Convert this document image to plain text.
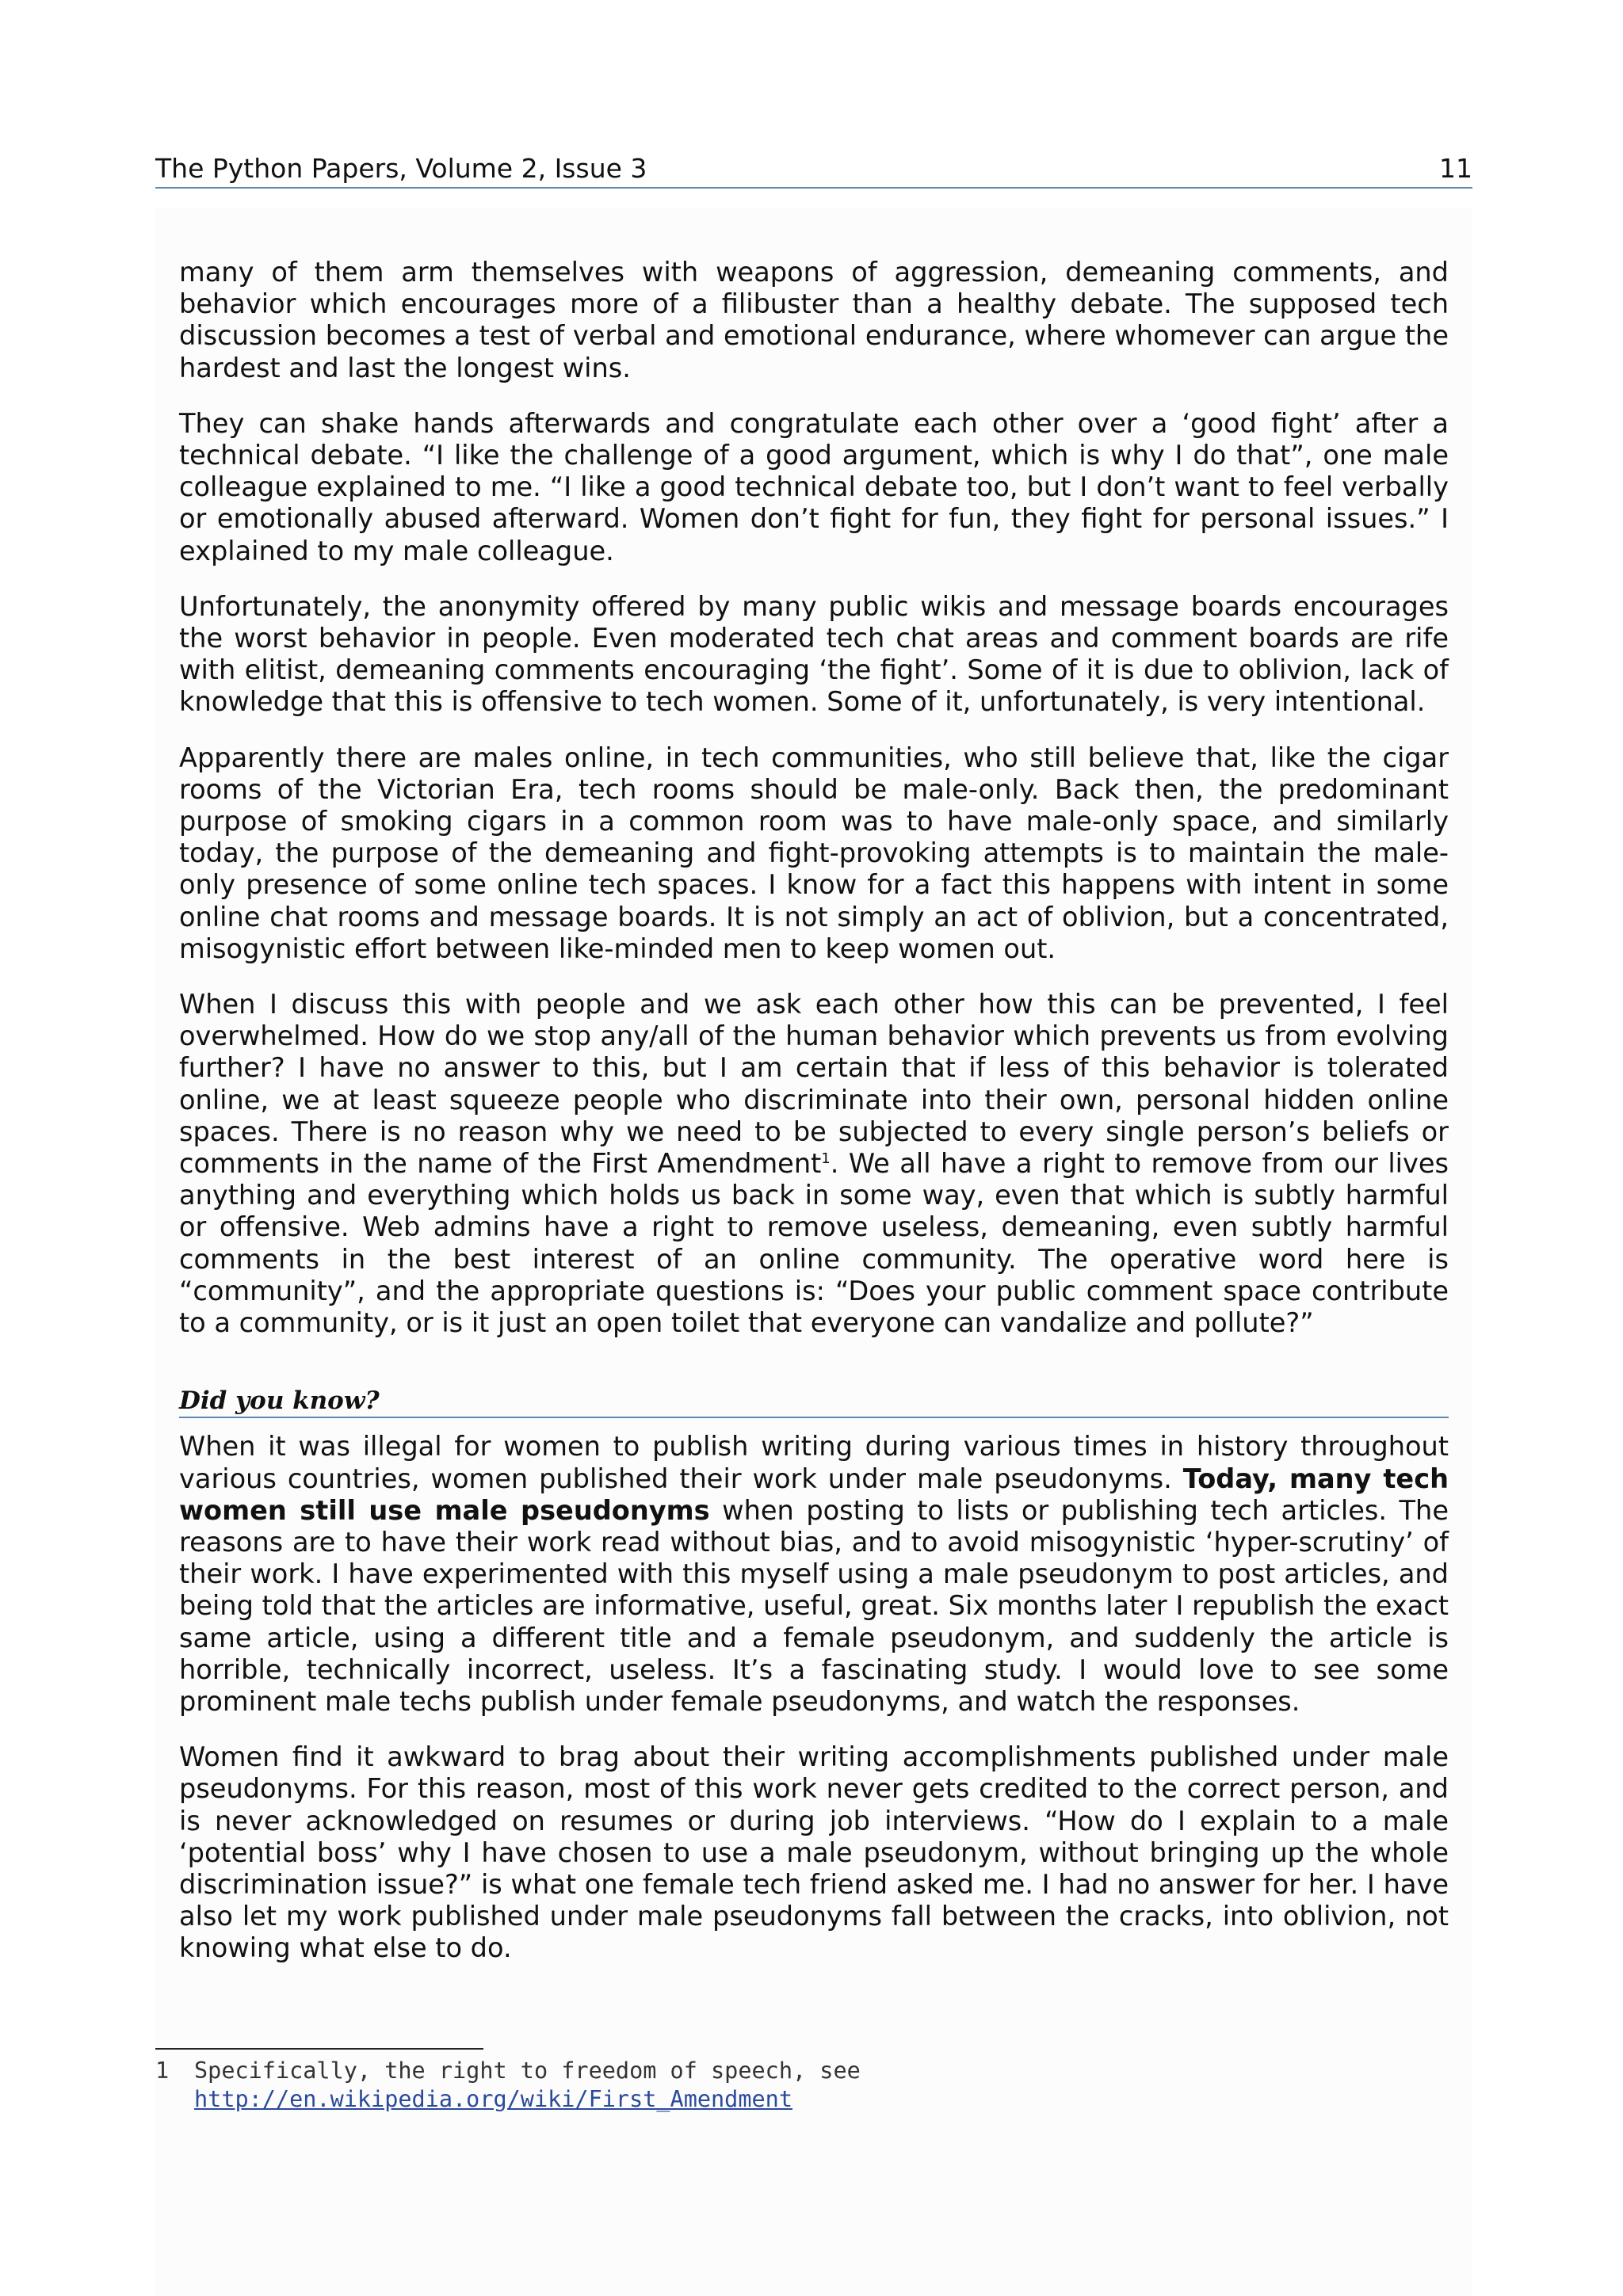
The Python Papers, Volume 2, Issue 3	11

many of them arm themselves with weapons of aggression, demeaning comments, and behavior which encourages more of a filibuster than a healthy debate. The supposed tech discussion becomes a test of verbal and emotional endurance, where whomever can argue the hardest and last the longest wins.

They can shake hands afterwards and congratulate each other over a ‘good fight’ after a technical debate. “I like the challenge of a good argument, which is why I do that”, one male colleague explained to me. “I like a good technical debate too, but I don’t want to feel verbally or emotionally abused afterward. Women don’t fight for fun, they fight for personal issues.” I explained to my male colleague.

Unfortunately, the anonymity offered by many public wikis and message boards encourages the worst behavior in people. Even moderated tech chat areas and comment boards are rife with elitist, demeaning comments encouraging ‘the fight’. Some of it is due to oblivion, lack of knowledge that this is offensive to tech women. Some of it, unfortunately, is very intentional.

Apparently there are males online, in tech communities, who still believe that, like the cigar rooms of the Victorian Era, tech rooms should be male-only. Back then, the predominant purpose of smoking cigars in a common room was to have male-only space, and similarly today, the purpose of the demeaning and fight-provoking attempts is to maintain the male-only presence of some online tech spaces. I know for a fact this happens with intent in some online chat rooms and message boards. It is not simply an act of oblivion, but a concentrated, misogynistic effort between like-minded men to keep women out.

When I discuss this with people and we ask each other how this can be prevented, I feel overwhelmed. How do we stop any/all of the human behavior which prevents us from evolving further? I have no answer to this, but I am certain that if less of this behavior is tolerated online, we at least squeeze people who discriminate into their own, personal hidden online spaces. There is no reason why we need to be subjected to every single person’s beliefs or comments in the name of the First Amendment$^1$. We all have a right to remove from our lives anything and everything which holds us back in some way, even that which is subtly harmful or offensive. Web admins have a right to remove useless, demeaning, even subtly harmful comments in the best interest of an online community. The operative word here is “community”, and the appropriate questions is: “Does your public comment space contribute to a community, or is it just an open toilet that everyone can vandalize and pollute?”

Did you know?

When it was illegal for women to publish writing during various times in history throughout various countries, women published their work under male pseudonyms. Today, many tech women still use male pseudonyms when posting to lists or publishing tech articles. The reasons are to have their work read without bias, and to avoid misogynistic ‘hyper-scrutiny’ of their work. I have experimented with this myself using a male pseudonym to post articles, and being told that the articles are informative, useful, great. Six months later I republish the exact same article, using a different title and a female pseudonym, and suddenly the article is horrible, technically incorrect, useless. It’s a fascinating study. I would love to see some prominent male techs publish under female pseudonyms, and watch the responses.

Women find it awkward to brag about their writing accomplishments published under male pseudonyms. For this reason, most of this work never gets credited to the correct person, and is never acknowledged on resumes or during job interviews. “How do I explain to a male ‘potential boss’ why I have chosen to use a male pseudonym, without bringing up the whole discrimination issue?” is what one female tech friend asked me. I had no answer for her. I have also let my work published under male pseudonyms fall between the cracks, into oblivion, not knowing what else to do.

1 Specifically, the right to freedom of speech, see
http://en.wikipedia.org/wiki/First_Amendment
